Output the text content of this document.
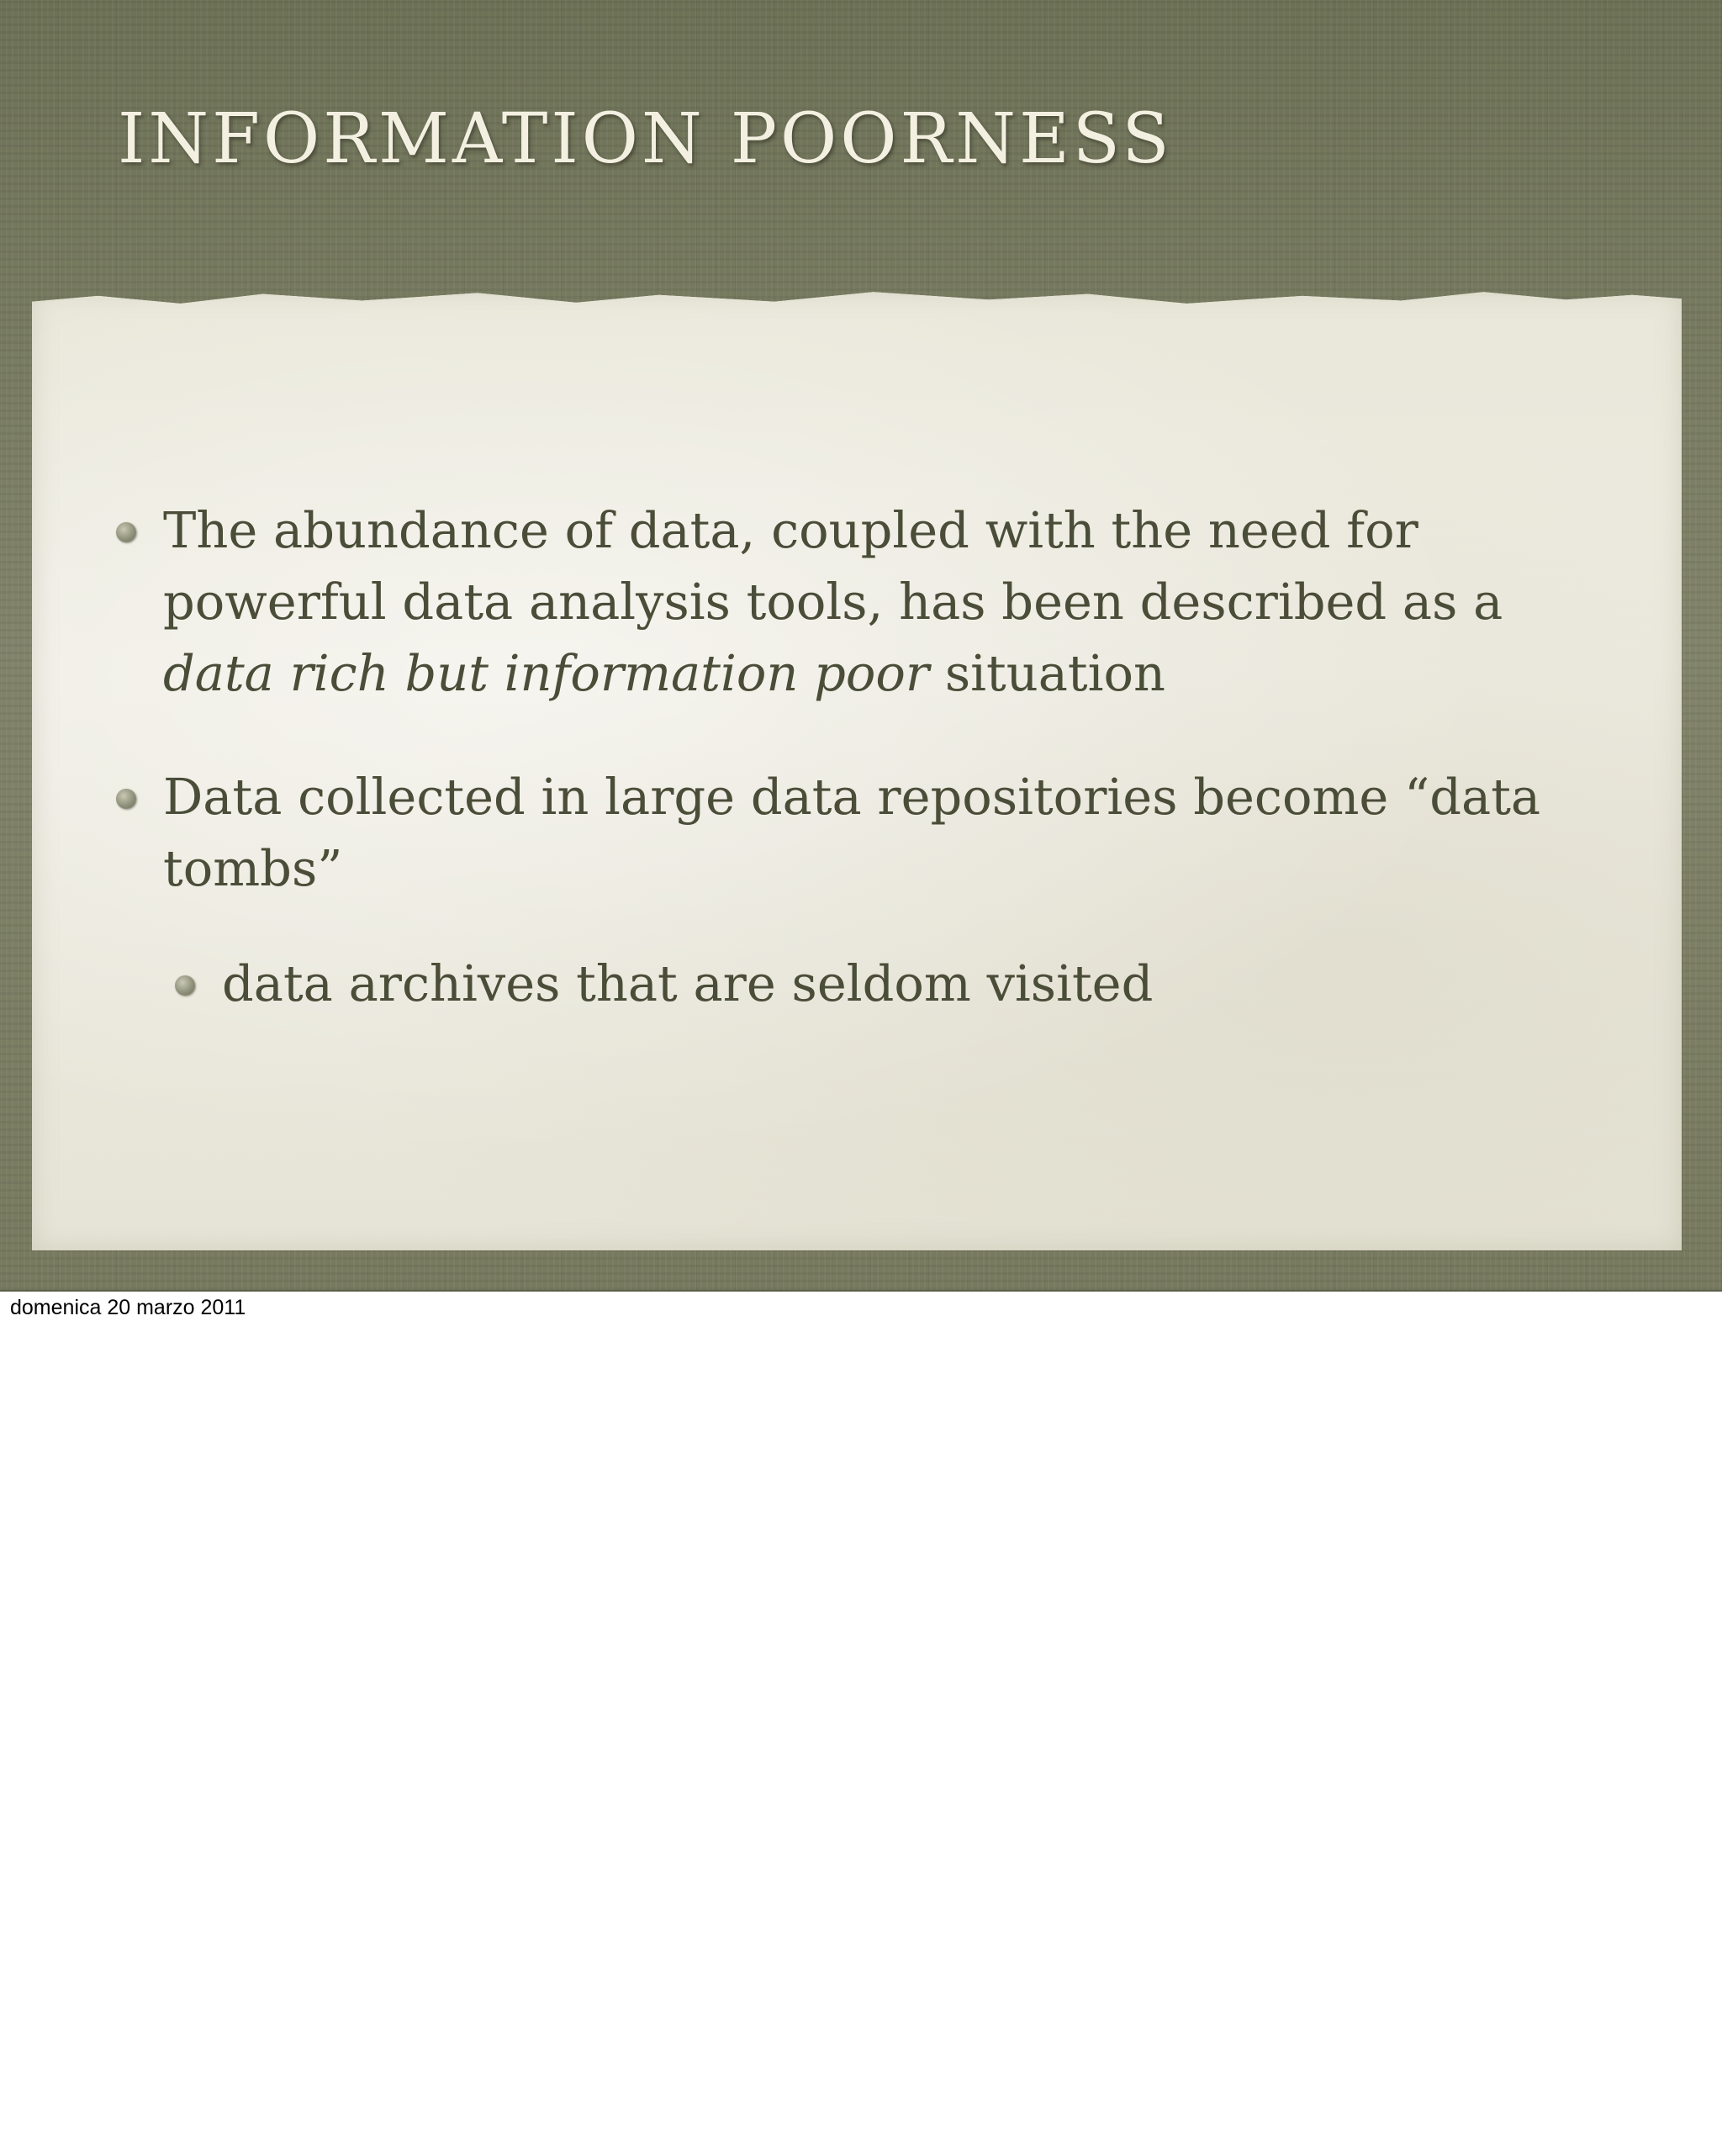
INFORMATION POORNESS
The abundance of data, coupled with the need for powerful data analysis tools, has been described as a data rich but information poor situation
Data collected in large data repositories become “data tombs”
data archives that are seldom visited
domenica 20 marzo 2011
